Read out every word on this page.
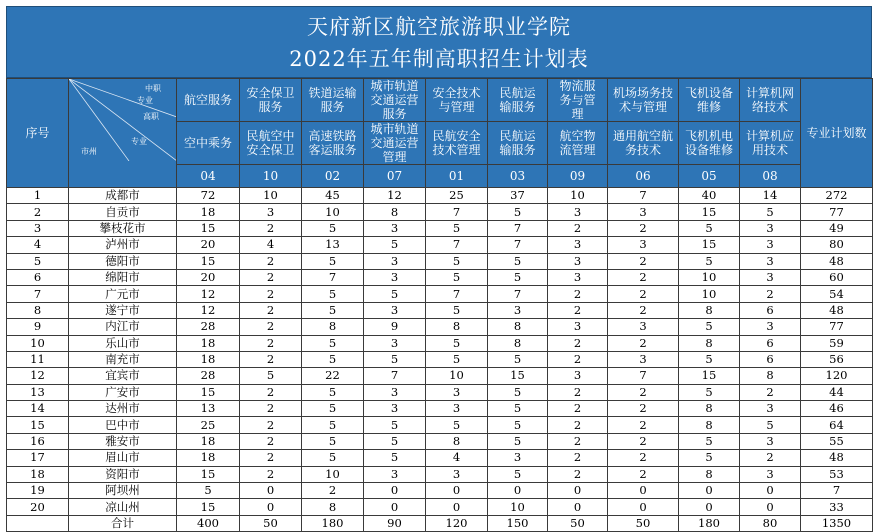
天府新区航空旅游职业学院
2022年五年制高职招生计划表
序号	中职
专业
高职
专业
市州	航空服务	安全保卫服务	铁道运输服务	城市轨道交通运营服务	安全技术与管理	民航运输服务	物流服务与管理	机场场务技术与管理	飞机设备维修	计算机网络技术	专业计划数

		空中乘务	民航空中安全保卫	高速铁路客运服务	城市轨道交通运营管理	民航安全技术管理	民航运输服务	航空物流管理	通用航空航务技术	飞机机电设备维修	计算机应用技术	

		04	10	02	07	01	03	09	06	05	08	
1	成都市	72	10	45	12	25	37	10	7	40	14	272
2	自贡市	18	3	10	8	7	5	3	3	15	5	77
3	攀枝花市	15	2	5	3	5	7	2	2	5	3	49
4	泸州市	20	4	13	5	7	7	3	3	15	3	80
5	德阳市	15	2	5	3	5	5	3	2	5	3	48
6	绵阳市	20	2	7	3	5	5	3	2	10	3	60
7	广元市	12	2	5	5	7	7	2	2	10	2	54
8	遂宁市	12	2	5	3	5	3	2	2	8	6	48
9	内江市	28	2	8	9	8	8	3	3	5	3	77
10	乐山市	18	2	5	3	5	8	2	2	8	6	59
11	南充市	18	2	5	5	5	5	2	3	5	6	56
12	宜宾市	28	5	22	7	10	15	3	7	15	8	120
13	广安市	15	2	5	3	3	5	2	2	5	2	44
14	达州市	13	2	5	3	3	5	2	2	8	3	46
15	巴中市	25	2	5	5	5	5	2	2	8	5	64
16	雅安市	18	2	5	5	8	5	2	2	5	3	55
17	眉山市	18	2	5	5	4	3	2	2	5	2	48
18	资阳市	15	2	10	3	3	5	2	2	8	3	53
19	阿坝州	5	0	2	0	0	0	0	0	0	0	7
20	凉山州	15	0	8	0	0	10	0	0	0	0	33
	合计	400	50	180	90	120	150	50	50	180	80	1350
